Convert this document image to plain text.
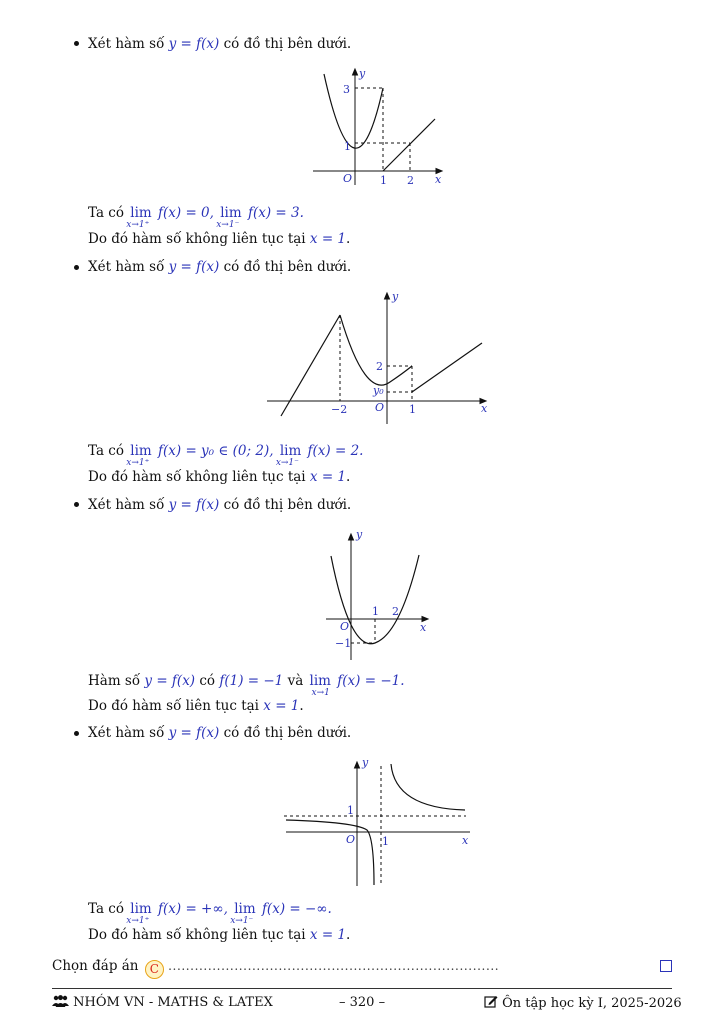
Xét hàm số y = f(x) có đồ thị bên dưới.
y
x
O
3
1
1 2
Ta có lim
x→1⁺
f(x) = 0, lim
x→1⁻
f(x) = 3.
Do đó hàm số không liên tục tại x = 1.
Xét hàm số y = f(x) có đồ thị bên dưới.
y
x
O
2
y₀
−2	1
Ta có lim
x→1⁺
f(x) = y₀ ∈ (0; 2), lim
x→1⁻
f(x) = 2.
Do đó hàm số không liên tục tại x = 1.
Xét hàm số y = f(x) có đồ thị bên dưới.
y
x
O
1 2
−1
Hàm số y = f(x) có f(1) = −1 và lim
x→1
f(x) = −1.
Do đó hàm số liên tục tại x = 1.
Xét hàm số y = f(x) có đồ thị bên dưới.
y
x
O
1
1
Ta có lim
x→1⁺
f(x) = +∞, lim
x→1⁻
f(x) = −∞.
Do đó hàm số không liên tục tại x = 1.
Chọn đáp án C ...........................................................................
NHÓM VN - MATHS & LATEX	– 320 –	Ôn tập học kỳ I, 2025-2026
